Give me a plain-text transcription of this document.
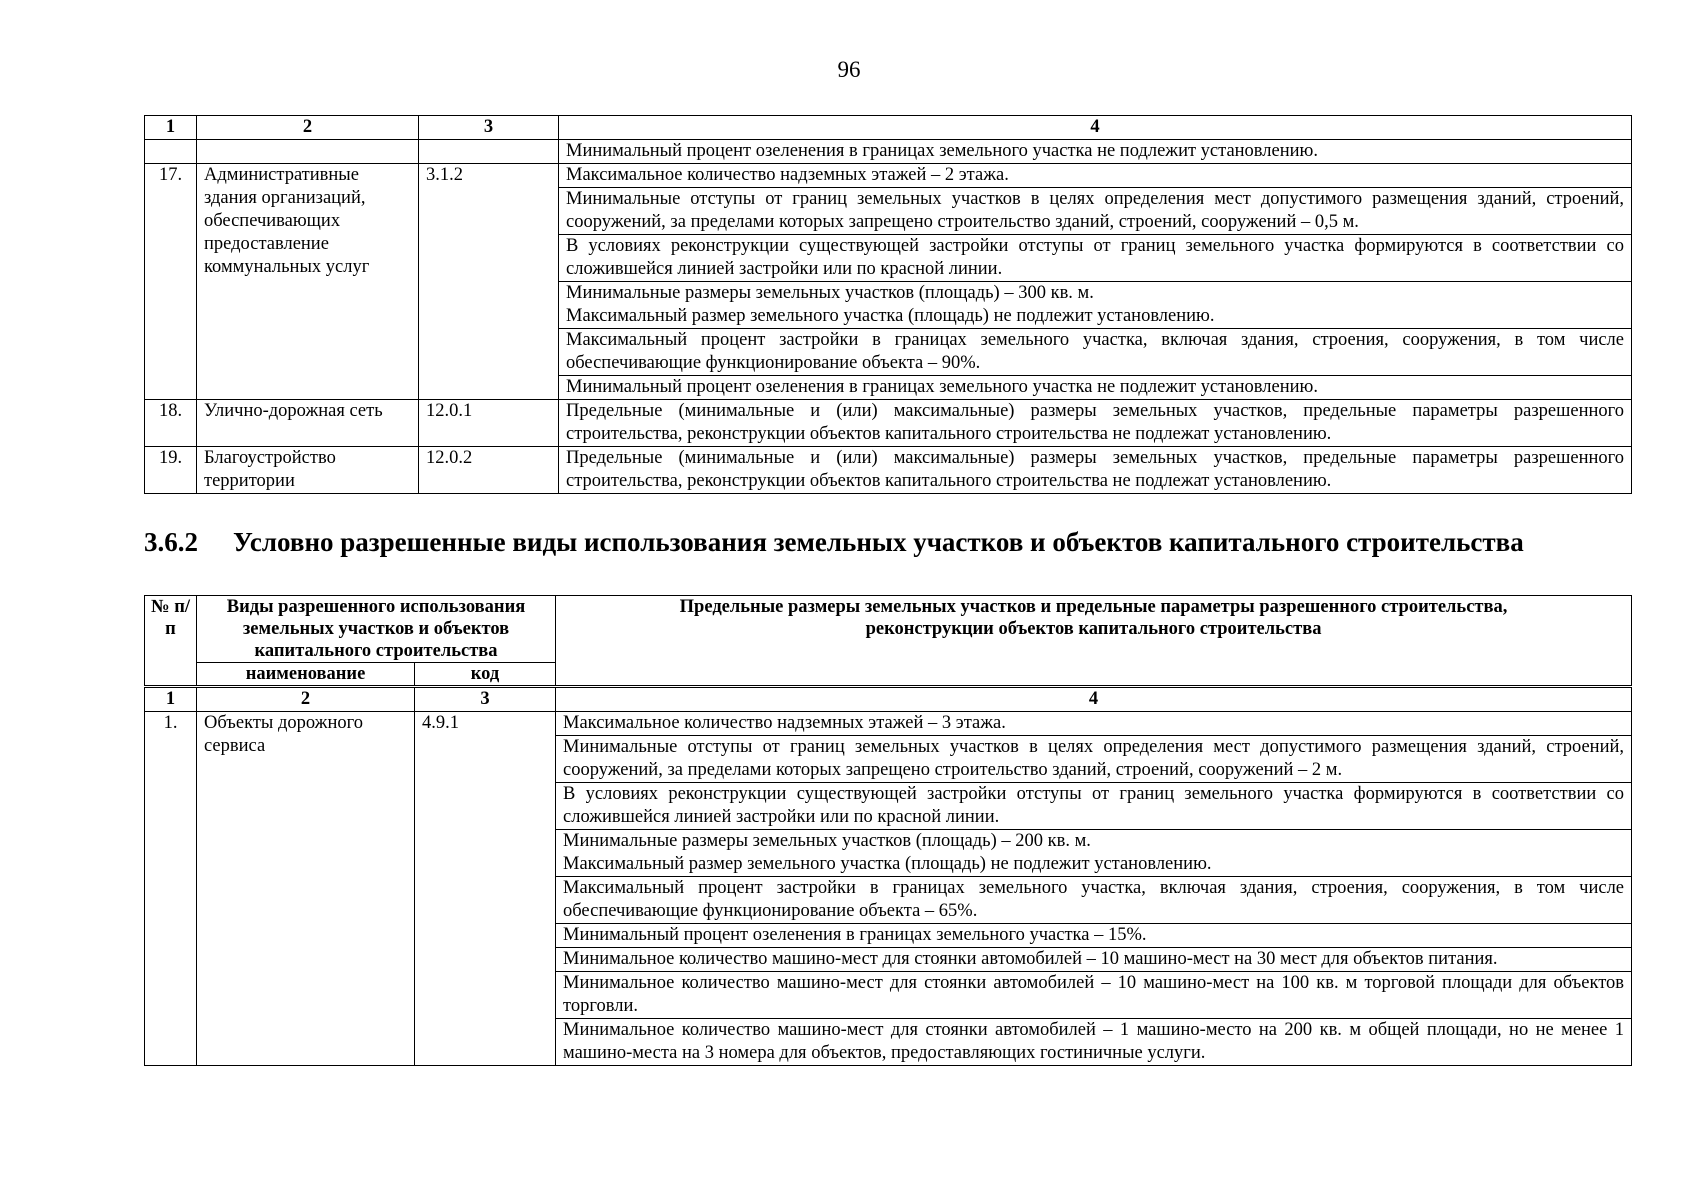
96
1	2	3	4
			Минимальный процент озеленения в границах земельного участка не подлежит установлению.
17.	Административные здания организаций, обеспечивающих предоставление коммунальных услуг	3.1.2	Максимальное количество надземных этажей – 2 этажа.
			Минимальные отступы от границ земельных участков в целях определения мест допустимого размещения зданий, строений, сооружений, за пределами которых запрещено строительство зданий, строений, сооружений – 0,5 м.
			В условиях реконструкции существующей застройки отступы от границ земельного участка формируются в соответствии со сложившейся линией застройки или по красной линии.
			Минимальные размеры земельных участков (площадь) – 300 кв. м.
Максимальный размер земельного участка (площадь) не подлежит установлению.
			Максимальный процент застройки в границах земельного участка, включая здания, строения, сооружения, в том числе обеспечивающие функционирование объекта – 90%.
			Минимальный процент озеленения в границах земельного участка не подлежит установлению.
18.	Улично-дорожная сеть	12.0.1	Предельные (минимальные и (или) максимальные) размеры земельных участков, предельные параметры разрешенного строительства, реконструкции объектов капитального строительства не подлежат установлению.
19.	Благоустройство территории	12.0.2	Предельные (минимальные и (или) максимальные) размеры земельных участков, предельные параметры разрешенного строительства, реконструкции объектов капитального строительства не подлежат установлению.
3.6.2 Условно разрешенные виды использования земельных участков и объектов капитального строительства
№ п/п	Виды разрешенного использования земельных участков и объектов капитального строительства		Предельные размеры земельных участков и предельные параметры разрешенного строительства, реконструкции объектов капитального строительства
	наименование	код	
1	2	3	4
1.	Объекты дорожного сервиса	4.9.1	Максимальное количество надземных этажей – 3 этажа.
			Минимальные отступы от границ земельных участков в целях определения мест допустимого размещения зданий, строений, сооружений, за пределами которых запрещено строительство зданий, строений, сооружений – 2 м.
			В условиях реконструкции существующей застройки отступы от границ земельного участка формируются в соответствии со сложившейся линией застройки или по красной линии.
			Минимальные размеры земельных участков (площадь) – 200 кв. м.
Максимальный размер земельного участка (площадь) не подлежит установлению.
			Максимальный процент застройки в границах земельного участка, включая здания, строения, сооружения, в том числе обеспечивающие функционирование объекта – 65%.
			Минимальный процент озеленения в границах земельного участка – 15%.
			Минимальное количество машино-мест для стоянки автомобилей – 10 машино-мест на 30 мест для объектов питания.
			Минимальное количество машино-мест для стоянки автомобилей – 10 машино-мест на 100 кв. м торговой площади для объектов торговли.
			Минимальное количество машино-мест для стоянки автомобилей – 1 машино-место на 200 кв. м общей площади, но не менее 1 машино-места на 3 номера для объектов, предоставляющих гостиничные услуги.
